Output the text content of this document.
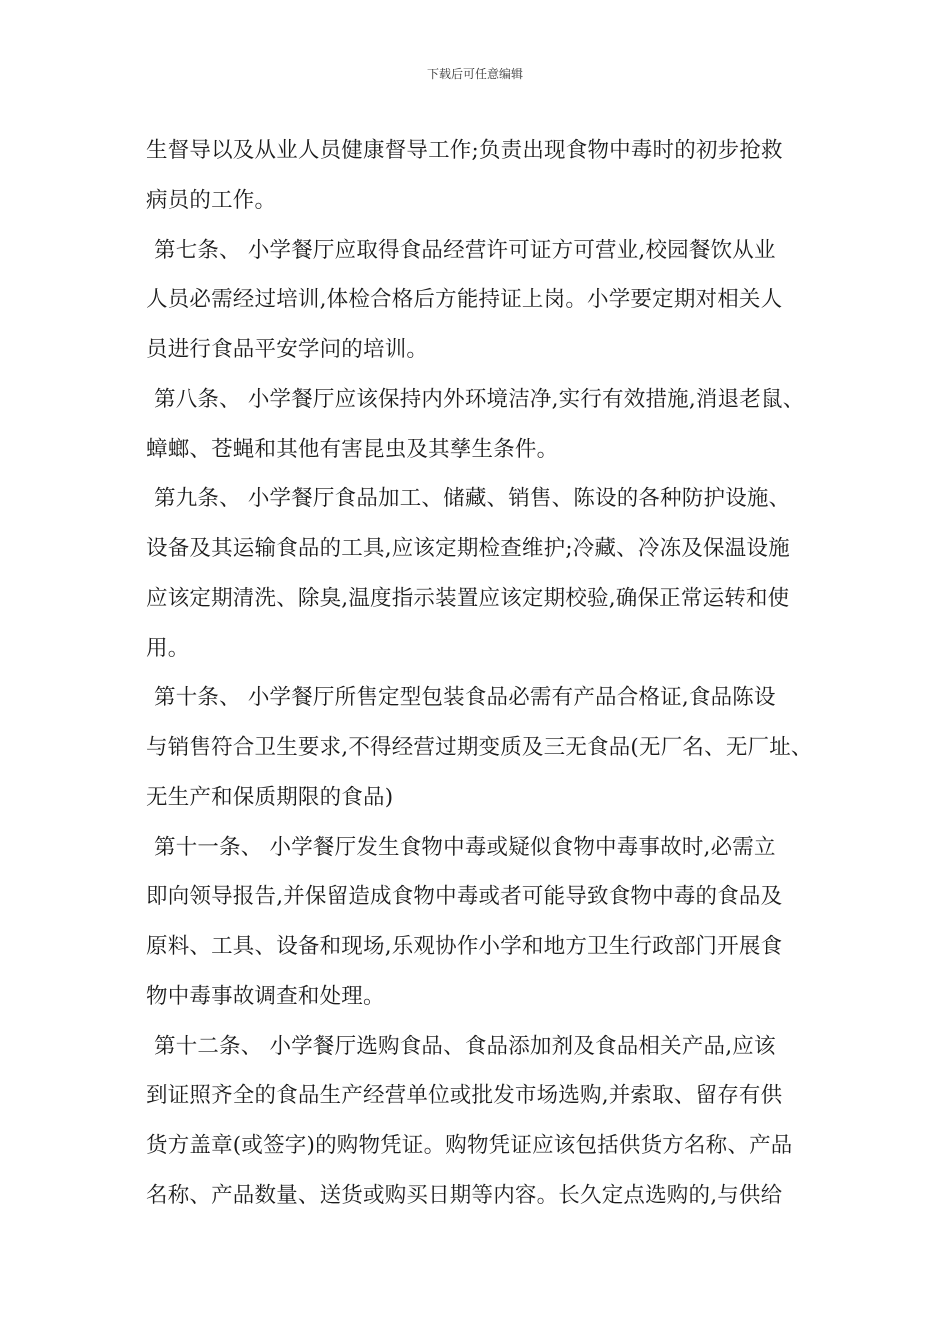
下载后可任意编辑
生督导以及从业人员健康督导工作;负责出现食物中毒时的初步抢救
病员的工作。
第七条、 小学餐厅应取得食品经营许可证方可营业,校园餐饮从业
人员必需经过培训,体检合格后方能持证上岗。小学要定期对相关人
员进行食品平安学问的培训。
第八条、 小学餐厅应该保持内外环境洁净,实行有效措施,消退老鼠、
蟑螂、苍蝇和其他有害昆虫及其孳生条件。
第九条、 小学餐厅食品加工、储藏、销售、陈设的各种防护设施、
设备及其运输食品的工具,应该定期检查维护;冷藏、冷冻及保温设施
应该定期清洗、除臭,温度指示装置应该定期校验,确保正常运转和使
用。
第十条、 小学餐厅所售定型包装食品必需有产品合格证,食品陈设
与销售符合卫生要求,不得经营过期变质及三无食品(无厂名、无厂址、
无生产和保质期限的食品)
第十一条、 小学餐厅发生食物中毒或疑似食物中毒事故时,必需立
即向领导报告,并保留造成食物中毒或者可能导致食物中毒的食品及
原料、工具、设备和现场,乐观协作小学和地方卫生行政部门开展食
物中毒事故调查和处理。
第十二条、 小学餐厅选购食品、食品添加剂及食品相关产品,应该
到证照齐全的食品生产经营单位或批发市场选购,并索取、留存有供
货方盖章(或签字)的购物凭证。购物凭证应该包括供货方名称、产品
名称、产品数量、送货或购买日期等内容。长久定点选购的,与供给
